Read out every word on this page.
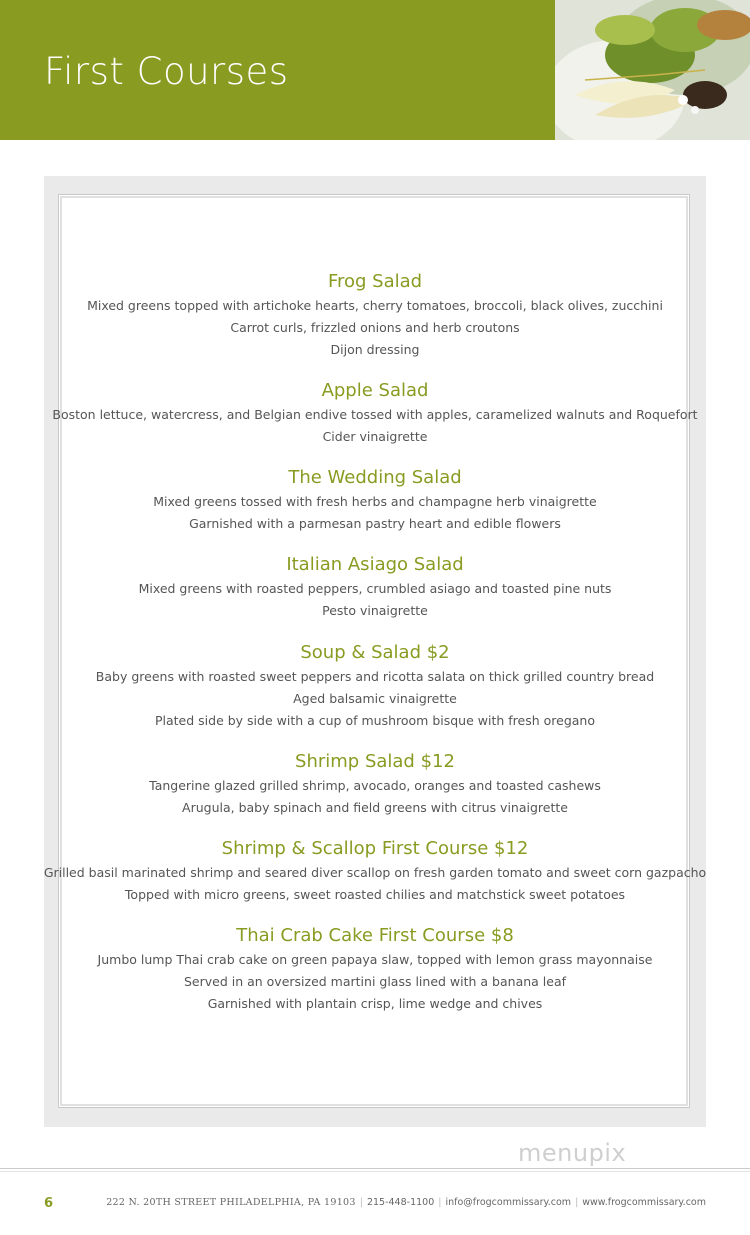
First Courses
Frog Salad
Mixed greens topped with artichoke hearts, cherry tomatoes, broccoli, black olives, zucchini
Carrot curls, frizzled onions and herb croutons
Dijon dressing
Apple Salad
Boston lettuce, watercress, and Belgian endive tossed with apples, caramelized walnuts and Roquefort
Cider vinaigrette
The Wedding Salad
Mixed greens tossed with fresh herbs and champagne herb vinaigrette
Garnished with a parmesan pastry heart and edible flowers
Italian Asiago Salad
Mixed greens with roasted peppers, crumbled asiago and toasted pine nuts
Pesto vinaigrette
Soup & Salad $2
Baby greens with roasted sweet peppers and ricotta salata on thick grilled country bread
Aged balsamic vinaigrette
Plated side by side with a cup of mushroom bisque with fresh oregano
Shrimp Salad $12
Tangerine glazed grilled shrimp, avocado, oranges and toasted cashews
Arugula, baby spinach and field greens with citrus vinaigrette
Shrimp & Scallop First Course $12
Grilled basil marinated shrimp and seared diver scallop on fresh garden tomato and sweet corn gazpacho
Topped with micro greens, sweet roasted chilies and matchstick sweet potatoes
Thai Crab Cake First Course $8
Jumbo lump Thai crab cake on green papaya slaw, topped with lemon grass mayonnaise
Served in an oversized martini glass lined with a banana leaf
Garnished with plantain crisp, lime wedge and chives
menupix
6	222 N. 20TH STREET PHILADELPHIA, PA 19103 | 215-448-1100 | info@frogcommissary.com | www.frogcommissary.com
